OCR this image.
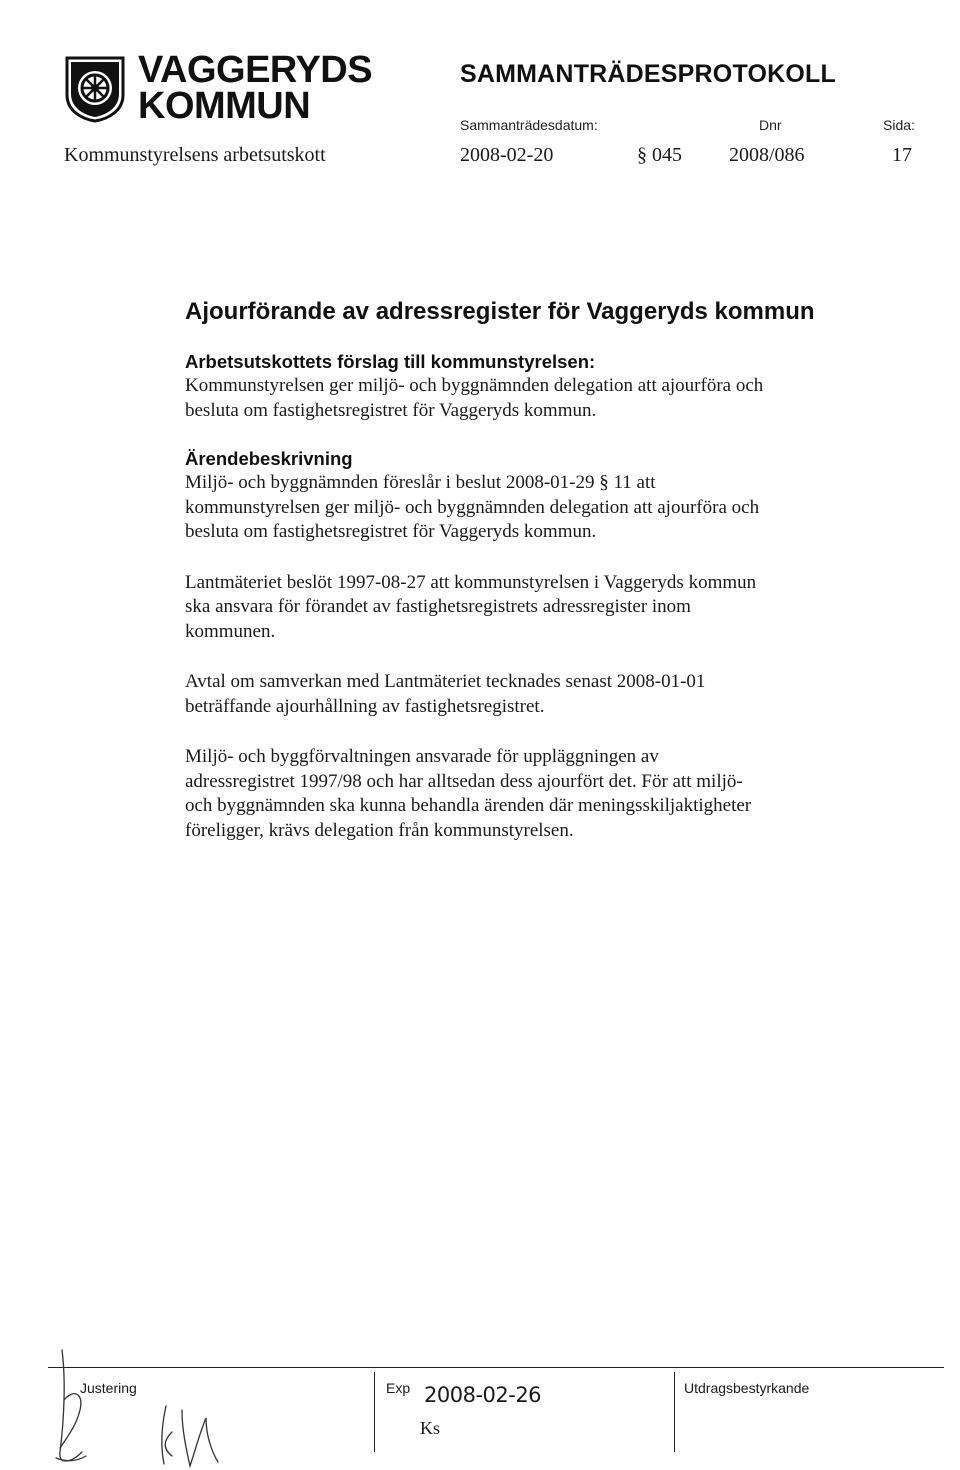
VAGGERYDS
KOMMUN
SAMMANTRÄDESPROTOKOLL
Sammanträdesdatum:	Dnr	Sida:
Kommunstyrelsens arbetsutskott	2008-02-20	§ 045 2008/086	17
Ajourförande av adressregister för Vaggeryds kommun
Arbetsutskottets förslag till kommunstyrelsen:

Kommunstyrelsen ger miljö- och byggnämnden delegation att ajourföra och

besluta om fastighetsregistret för Vaggeryds kommun.

Ärendebeskrivning

Miljö- och byggnämnden föreslår i beslut 2008-01-29 § 11 att

kommunstyrelsen ger miljö- och byggnämnden delegation att ajourföra och

besluta om fastighetsregistret för Vaggeryds kommun.

Lantmäteriet beslöt 1997-08-27 att kommunstyrelsen i Vaggeryds kommun

ska ansvara för förandet av fastighetsregistrets adressregister inom

kommunen.

Avtal om samverkan med Lantmäteriet tecknades senast 2008-01-01

beträffande ajourhållning av fastighetsregistret.

Miljö- och byggförvaltningen ansvarade för uppläggningen av

adressregistret 1997/98 och har alltsedan dess ajourfört det. För att miljö-

och byggnämnden ska kunna behandla ärenden där meningsskiljaktigheter

föreligger, krävs delegation från kommunstyrelsen.

Justering	Exp 2008-02-26
Ks
Utdragsbestyrkande
